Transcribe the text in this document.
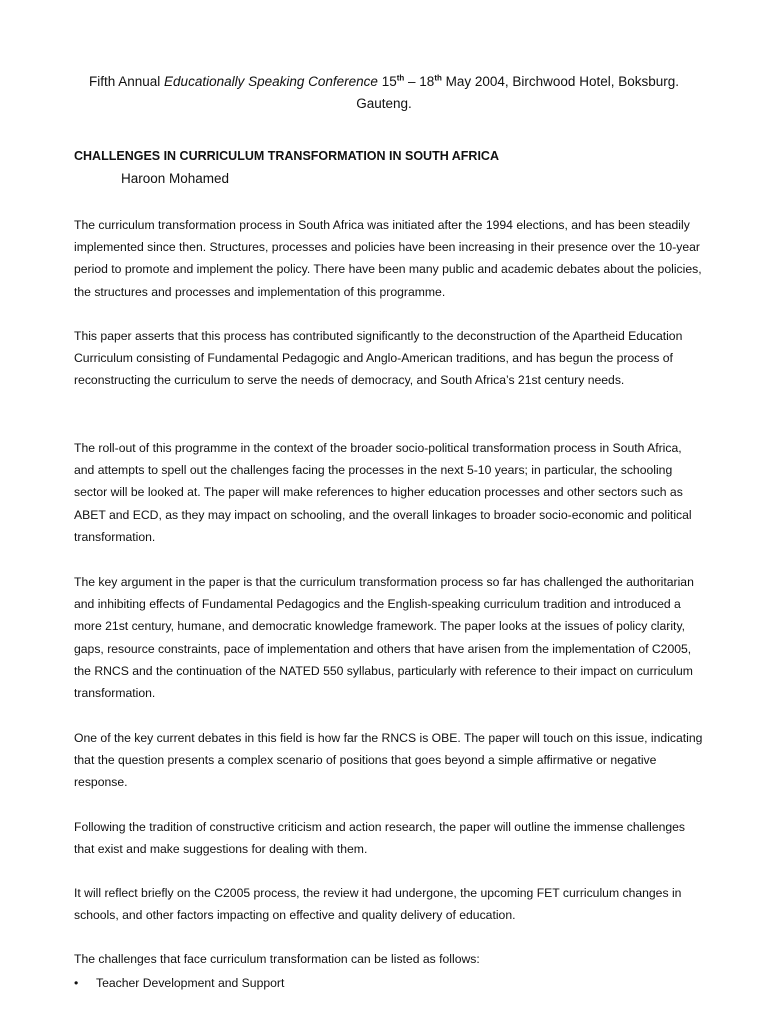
Fifth Annual Educationally Speaking Conference 15th – 18th May 2004, Birchwood Hotel, Boksburg.
Gauteng.
CHALLENGES IN CURRICULUM TRANSFORMATION IN SOUTH AFRICA
Haroon Mohamed

The curriculum transformation process in South Africa was initiated after the 1994 elections, and has been steadily implemented since then. Structures, processes and policies have been increasing in their presence over the 10-year period to promote and implement the policy. There have been many public and academic debates about the policies, the structures and processes and implementation of this programme.

This paper asserts that this process has contributed significantly to the deconstruction of the Apartheid Education Curriculum consisting of Fundamental Pedagogic and Anglo-American traditions, and has begun the process of reconstructing the curriculum to serve the needs of democracy, and South Africa’s 21st century needs.

The roll-out of this programme in the context of the broader socio-political transformation process in South Africa, and attempts to spell out the challenges facing the processes in the next 5-10 years; in particular, the schooling sector will be looked at. The paper will make references to higher education processes and other sectors such as ABET and ECD, as they may impact on schooling, and the overall linkages to broader socio-economic and political transformation.

The key argument in the paper is that the curriculum transformation process so far has challenged the authoritarian and inhibiting effects of Fundamental Pedagogics and the English-speaking curriculum tradition and introduced a more 21st century, humane, and democratic knowledge framework. The paper looks at the issues of policy clarity, gaps, resource constraints, pace of implementation and others that have arisen from the implementation of C2005, the RNCS and the continuation of the NATED 550 syllabus, particularly with reference to their impact on curriculum transformation.

One of the key current debates in this field is how far the RNCS is OBE. The paper will touch on this issue, indicating that the question presents a complex scenario of positions that goes beyond a simple affirmative or negative response.

Following the tradition of constructive criticism and action research, the paper will outline the immense challenges that exist and make suggestions for dealing with them.

It will reflect briefly on the C2005 process, the review it had undergone, the upcoming FET curriculum changes in schools, and other factors impacting on effective and quality delivery of education.

The challenges that face curriculum transformation can be listed as follows:

• Teacher Development and Support
